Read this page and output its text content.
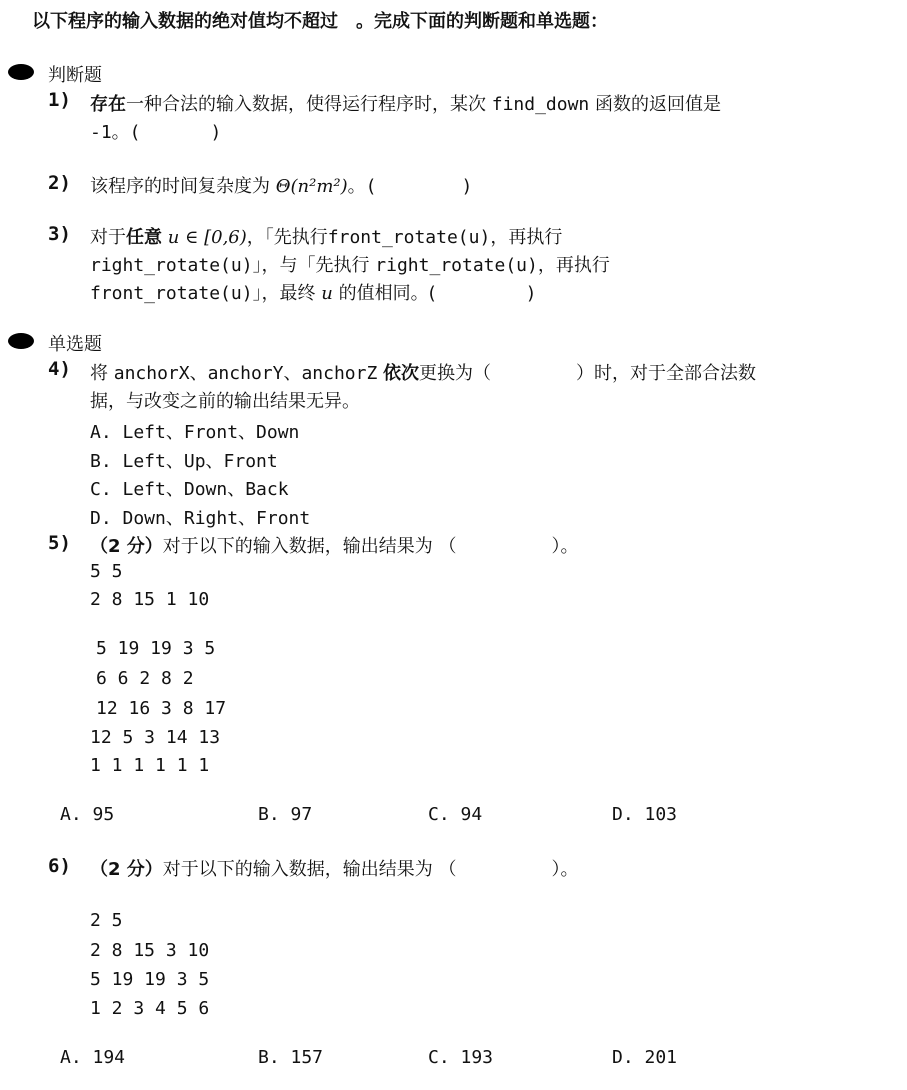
以下程序的输入数据的绝对值均不超过　。完成下面的判断题和单选题：
判断题
1) 存在一种合法的输入数据，使得运行程序时，某次 find_down 函数的返回值是
-1。(	)
2) 该程序的时间复杂度为 Θ(n²m²)。(	)
3) 对于任意 u ∈ [0,6)，「先执行front_rotate(u)，再执行
right_rotate(u)」，与「先执行 right_rotate(u)，再执行
front_rotate(u)」，最终 u 的值相同。(	)
单选题
4) 将 anchorX、anchorY、anchorZ 依次更换为（	）时，对于全部合法数
据，与改变之前的输出结果无异。
A. Left、Front、Down
B. Left、Up、Front
C. Left、Down、Back
D. Down、Right、Front
5) （2 分）对于以下的输入数据，输出结果为 （	）。
5 5
2 8 15 1 10
5 19 19 3 5
6 6 2 8 2
12 16 3 8 17
12 5 3 14 13
1 1 1 1 1 1
A. 95	B. 97	C. 94	D. 103
6) （2 分）对于以下的输入数据，输出结果为 （	）。
2 5
2 8 15 3 10
5 19 19 3 5
1 2 3 4 5 6
A. 194	B. 157	C. 193	D. 201
